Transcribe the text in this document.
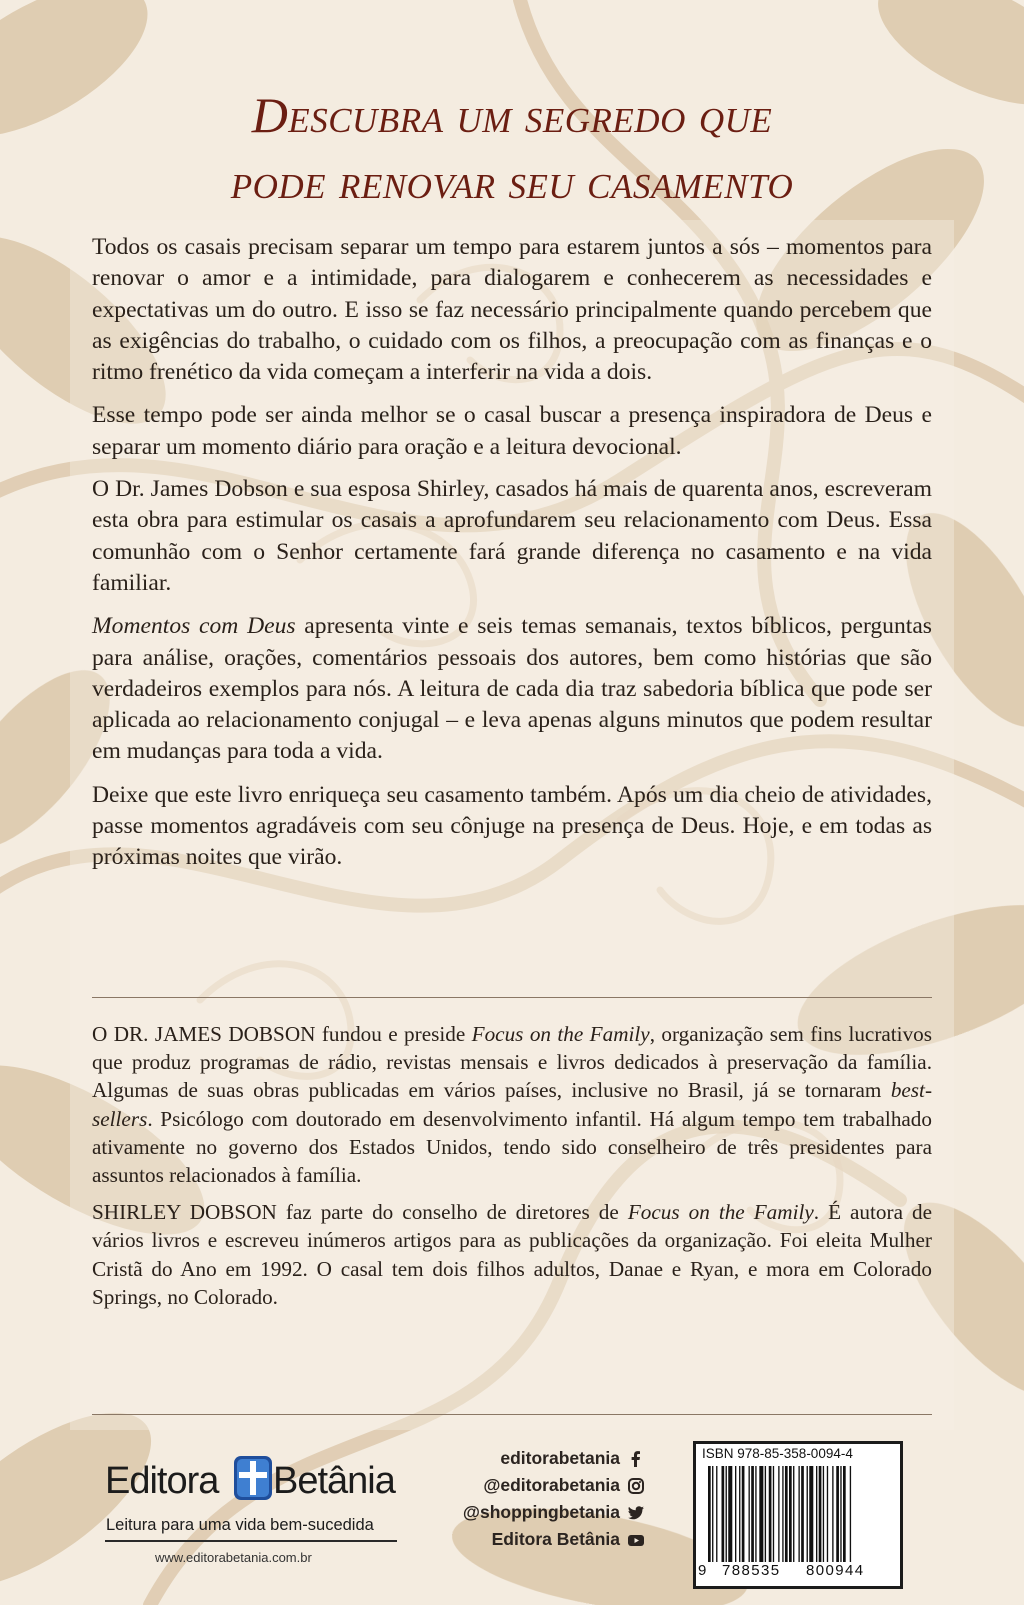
Descubra um segredo que
pode renovar seu casamento

Todos os casais precisam separar um tempo para estarem juntos a sós – momentos para renovar o amor e a intimidade, para dialogarem e conhecerem as necessidades e expectativas um do outro. E isso se faz necessário principalmente quando percebem que as exigências do trabalho, o cuidado com os filhos, a preocupação com as finanças e o ritmo frenético da vida começam a interferir na vida a dois.

Esse tempo pode ser ainda melhor se o casal buscar a presença inspiradora de Deus e separar um momento diário para oração e a leitura devocional.

O Dr. James Dobson e sua esposa Shirley, casados há mais de quarenta anos, escreveram esta obra para estimular os casais a aprofundarem seu relacionamento com Deus. Essa comunhão com o Senhor certamente fará grande diferença no casamento e na vida familiar.

Momentos com Deus apresenta vinte e seis temas semanais, textos bíblicos, perguntas para análise, orações, comentários pessoais dos autores, bem como histórias que são verdadeiros exemplos para nós. A leitura de cada dia traz sabedoria bíblica que pode ser aplicada ao relacionamento conjugal – e leva apenas alguns minutos que podem resultar em mudanças para toda a vida.

Deixe que este livro enriqueça seu casamento também. Após um dia cheio de atividades, passe momentos agradáveis com seu cônjuge na presença de Deus. Hoje, e em todas as próximas noites que virão.

O DR. JAMES DOBSON fundou e preside Focus on the Family, organização sem fins lucrativos que produz programas de rádio, revistas mensais e livros dedicados à preservação da família. Algumas de suas obras publicadas em vários países, inclusive no Brasil, já se tornaram best-sellers. Psicólogo com doutorado em desenvolvimento infantil. Há algum tempo tem trabalhado ativamente no governo dos Estados Unidos, tendo sido conselheiro de três presidentes para assuntos relacionados à família.

SHIRLEY DOBSON faz parte do conselho de diretores de Focus on the Family. É autora de vários livros e escreveu inúmeros artigos para as publicações da organização. Foi eleita Mulher Cristã do Ano em 1992. O casal tem dois filhos adultos, Danae e Ryan, e mora em Colorado Springs, no Colorado.

Editora Betânia
Leitura para uma vida bem-sucedida
www.editorabetania.com.br
editorabetania
@editorabetania
@shoppingbetania
Editora Betânia
ISBN 978-85-358-0094-4
9 788535 800944
